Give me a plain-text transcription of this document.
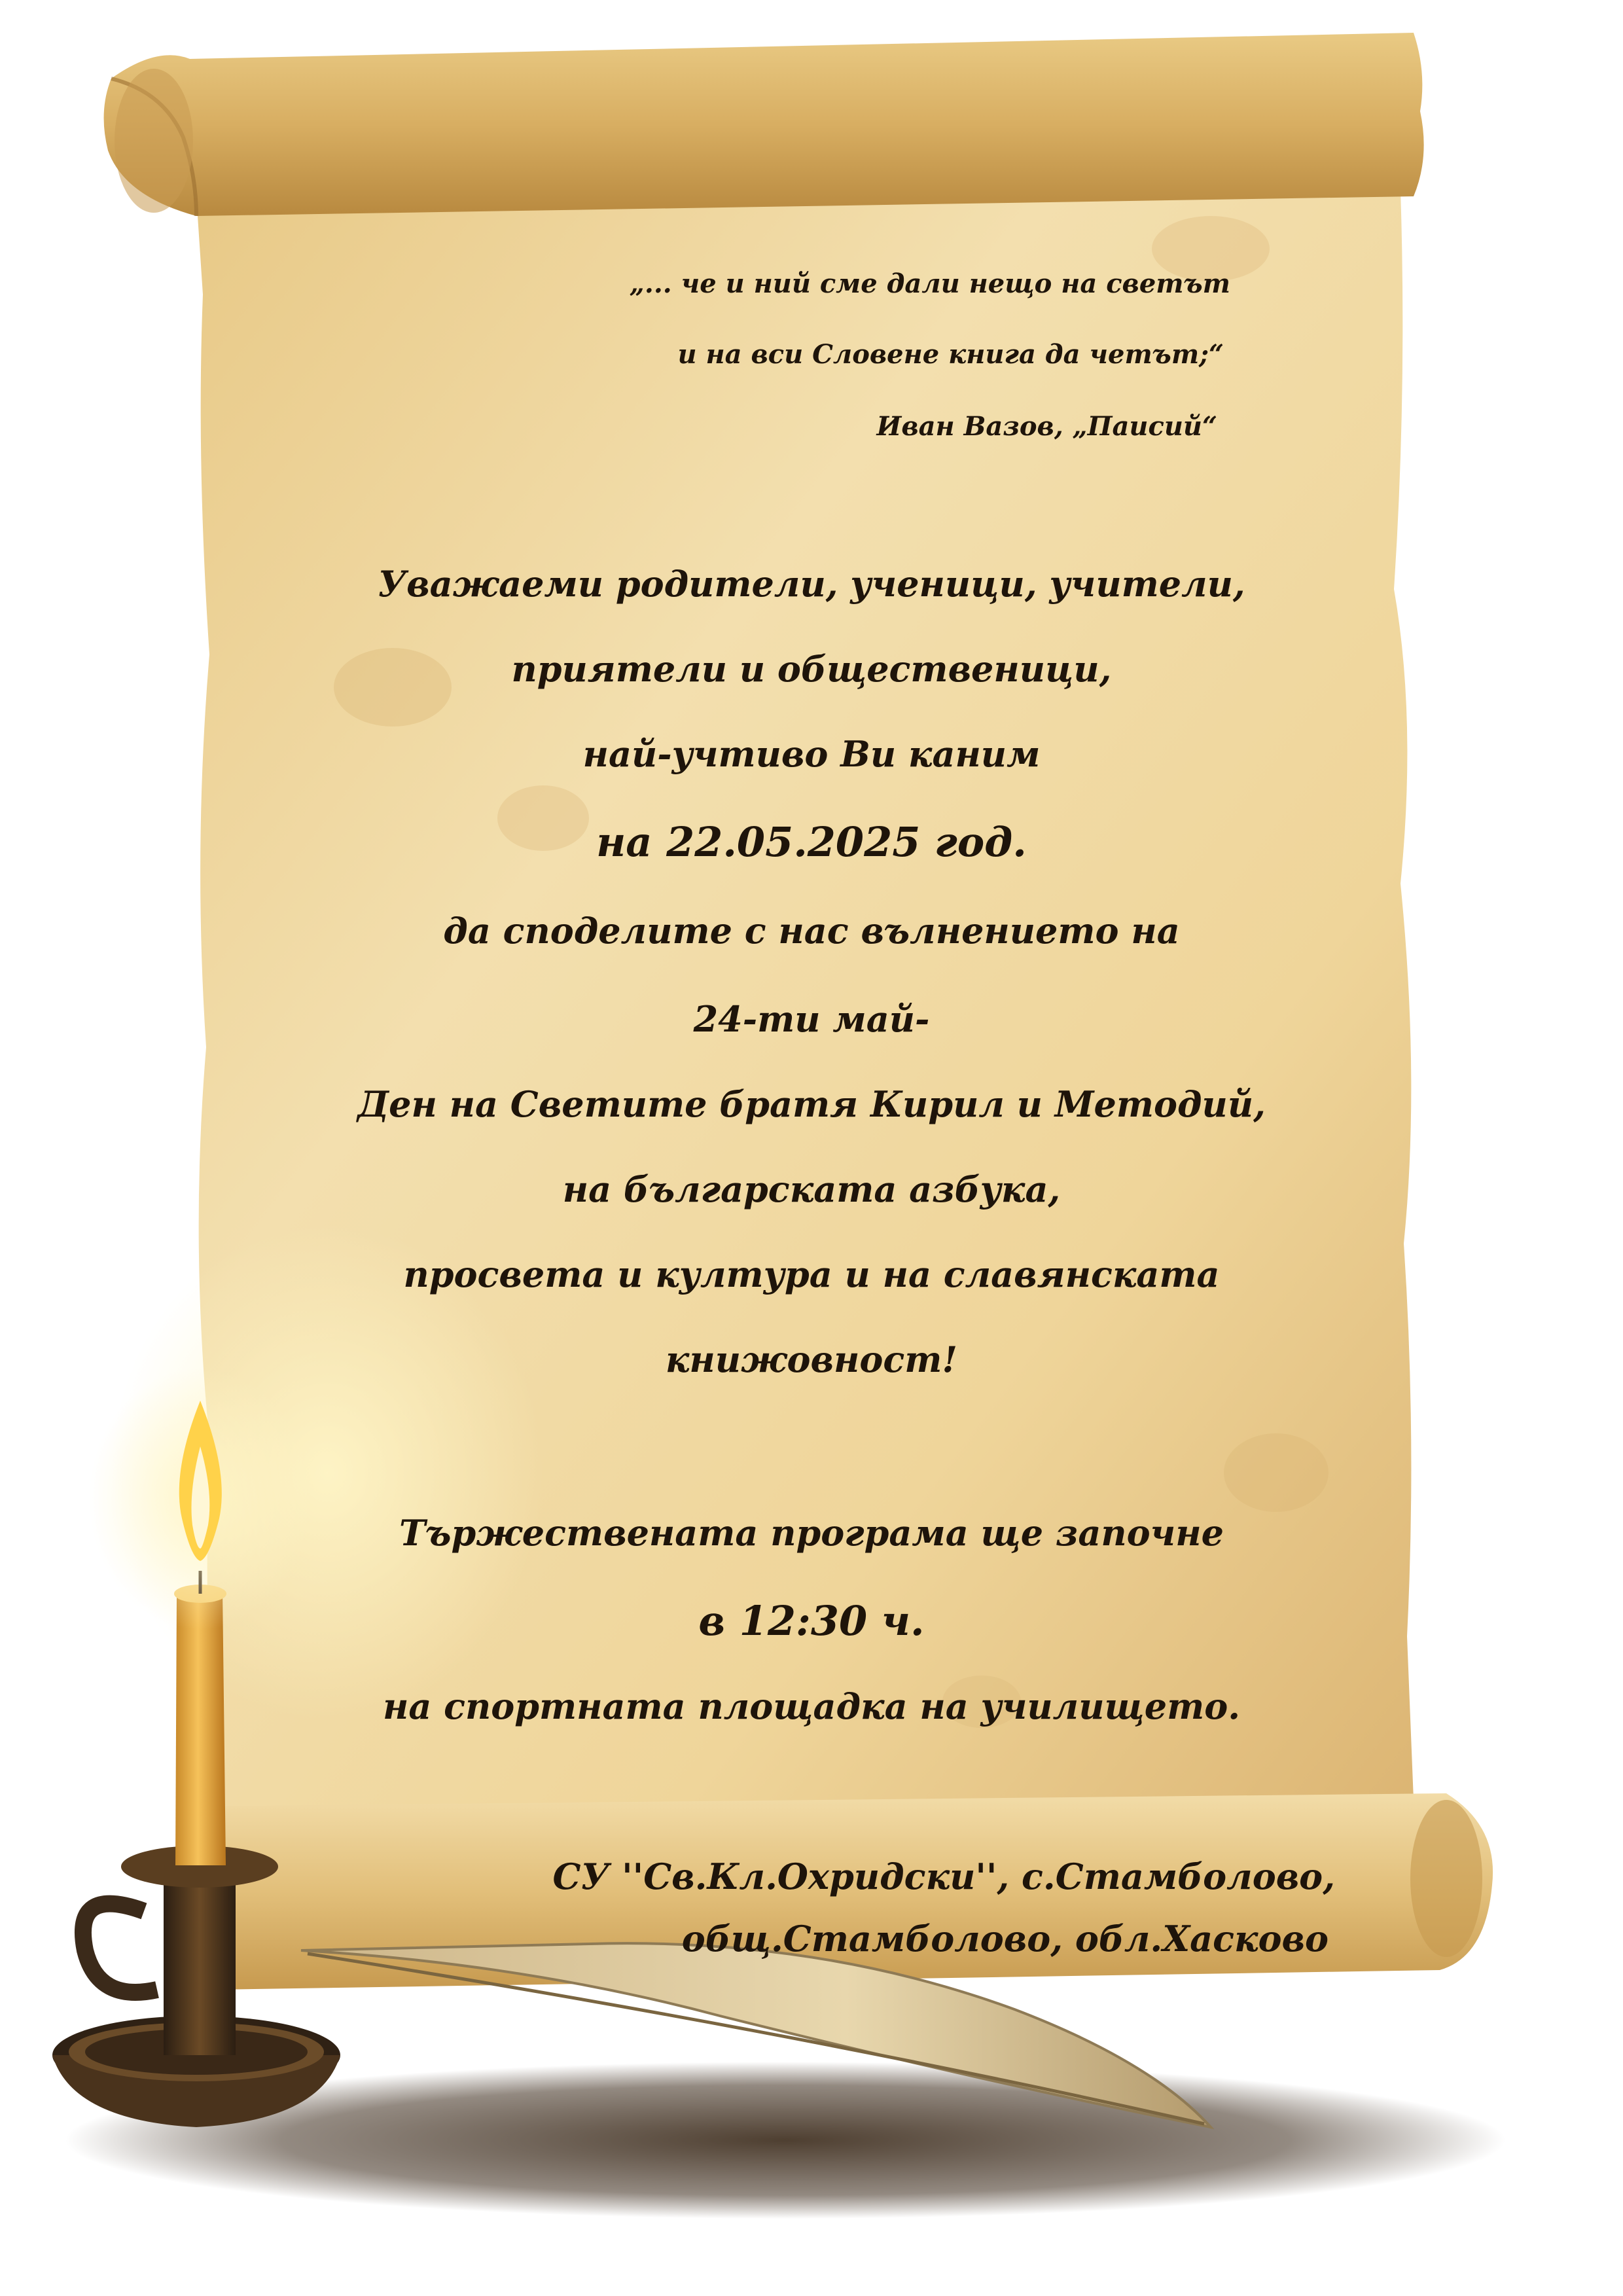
„... че и ний сме дали нещо на светът
и на вси Словене книга да четът;“
Иван Вазов, „Паисий“
Уважаеми родители, ученици, учители,
приятели и общественици,
най-учтиво Ви каним
на 22.05.2025 год.
да споделите с нас вълнението на
24-ти май-
Ден на Светите братя Кирил и Методий,
на българската азбука,
просвета и култура и на славянската
книжовност!
Тържествената програма ще започне
в 12:30 ч.
на спортната площадка на училището.
СУ ''Св.Кл.Охридски'', с.Стамболово,
общ.Стамболово, обл.Хасково
